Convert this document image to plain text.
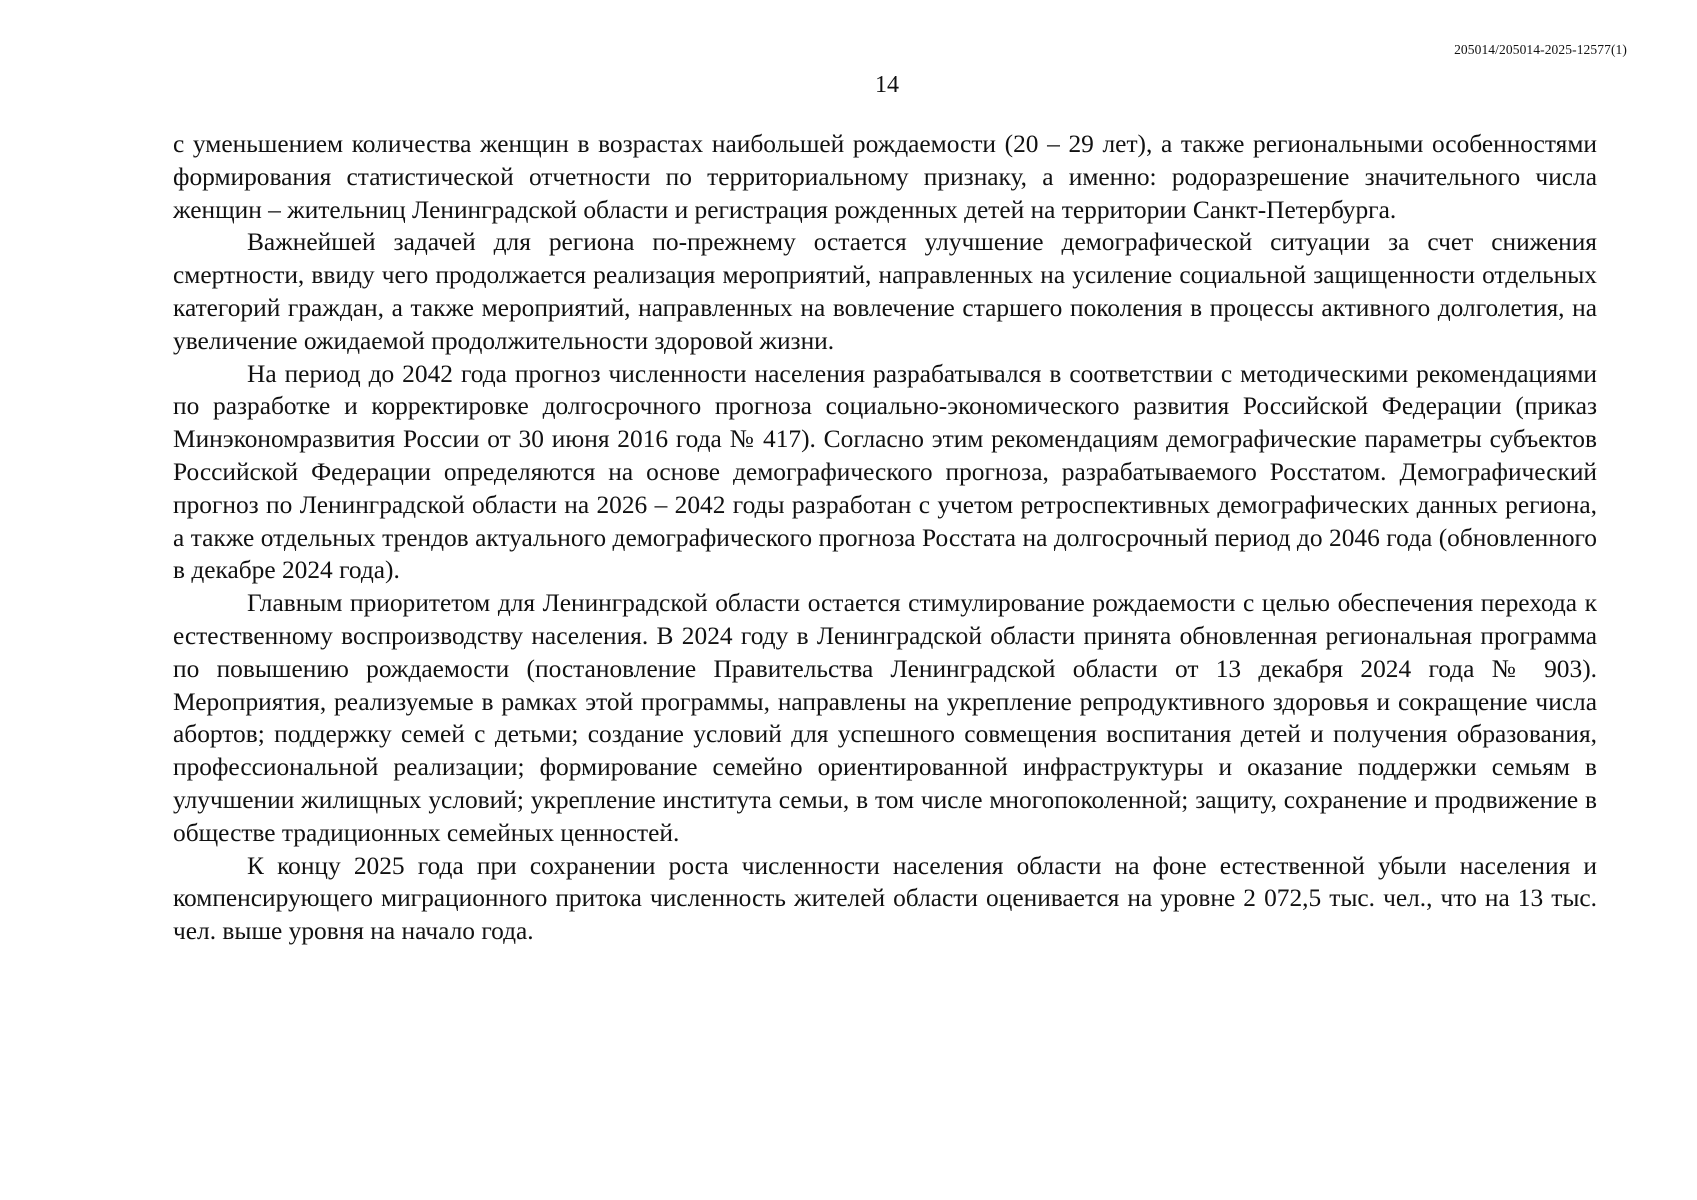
205014/205014-2025-12577(1)
14

с уменьшением количества женщин в возрастах наибольшей рождаемости (20 – 29 лет), а также региональными особенностями формирования статистической отчетности по территориальному признаку, а именно: родоразрешение значительного числа женщин – жительниц Ленинградской области и регистрация рожденных детей на территории Санкт-Петербурга.

Важнейшей задачей для региона по-прежнему остается улучшение демографической ситуации за счет снижения смертности, ввиду чего продолжается реализация мероприятий, направленных на усиление социальной защищенности отдельных категорий граждан, а также мероприятий, направленных на вовлечение старшего поколения в процессы активного долголетия, на увеличение ожидаемой продолжительности здоровой жизни.

На период до 2042 года прогноз численности населения разрабатывался в соответствии с методическими рекомендациями по разработке и корректировке долгосрочного прогноза социально-экономического развития Российской Федерации (приказ Минэкономразвития России от 30 июня 2016 года № 417). Согласно этим рекомендациям демографические параметры субъектов Российской Федерации определяются на основе демографического прогноза, разрабатываемого Росстатом. Демографический прогноз по Ленинградской области на 2026 – 2042 годы разработан с учетом ретроспективных демографических данных региона, а также отдельных трендов актуального демографического прогноза Росстата на долгосрочный период до 2046 года (обновленного в декабре 2024 года).

Главным приоритетом для Ленинградской области остается стимулирование рождаемости с целью обеспечения перехода к естественному воспроизводству населения. В 2024 году в Ленинградской области принята обновленная региональная программа по повышению рождаемости (постановление Правительства Ленинградской области от 13 декабря 2024 года № 903). Мероприятия, реализуемые в рамках этой программы, направлены на укрепление репродуктивного здоровья и сокращение числа абортов; поддержку семей с детьми; создание условий для успешного совмещения воспитания детей и получения образования, профессиональной реализации; формирование семейно ориентированной инфраструктуры и оказание поддержки семьям в улучшении жилищных условий; укрепление института семьи, в том числе многопоколенной; защиту, сохранение и продвижение в обществе традиционных семейных ценностей.

К концу 2025 года при сохранении роста численности населения области на фоне естественной убыли населения и компенсирующего миграционного притока численность жителей области оценивается на уровне 2 072,5 тыс. чел., что на 13 тыс. чел. выше уровня на начало года.
